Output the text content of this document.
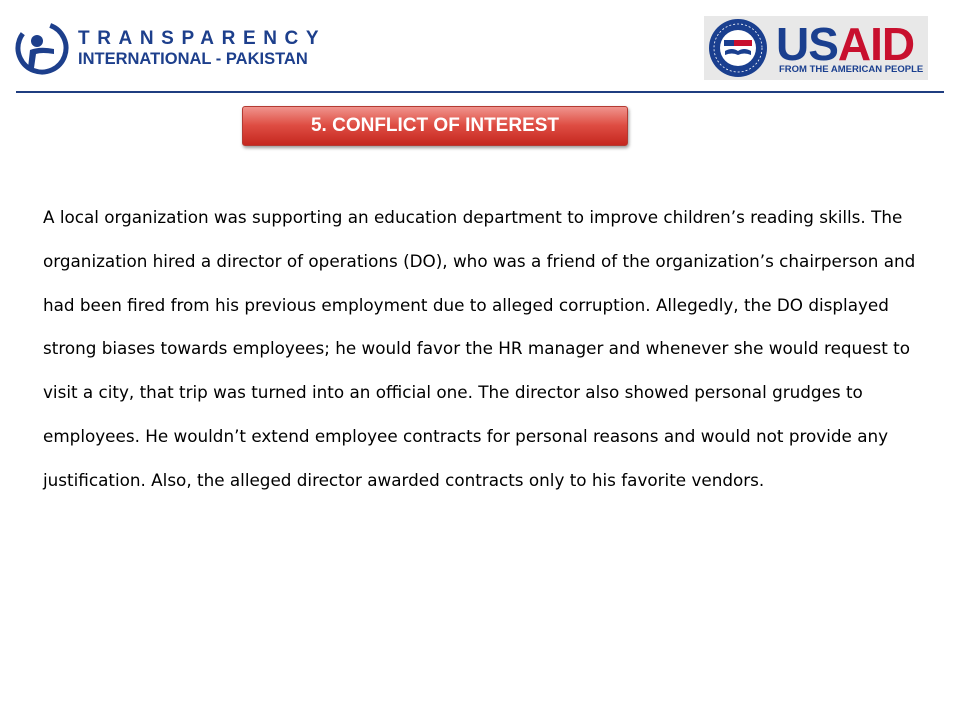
TRANSPARENCY
INTERNATIONAL - PAKISTAN	USAID
FROM THE AMERICAN PEOPLE
5. CONFLICT OF INTEREST

A local organization was supporting an education department to improve children’s reading skills. The organization hired a director of operations (DO), who was a friend of the organization’s chairperson and had been fired from his previous employment due to alleged corruption. Allegedly, the DO displayed strong biases towards employees; he would favor the HR manager and whenever she would request to visit a city, that trip was turned into an official one. The director also showed personal grudges to employees. He wouldn’t extend employee contracts for personal reasons and would not provide any justification. Also, the alleged director awarded contracts only to his favorite vendors.
